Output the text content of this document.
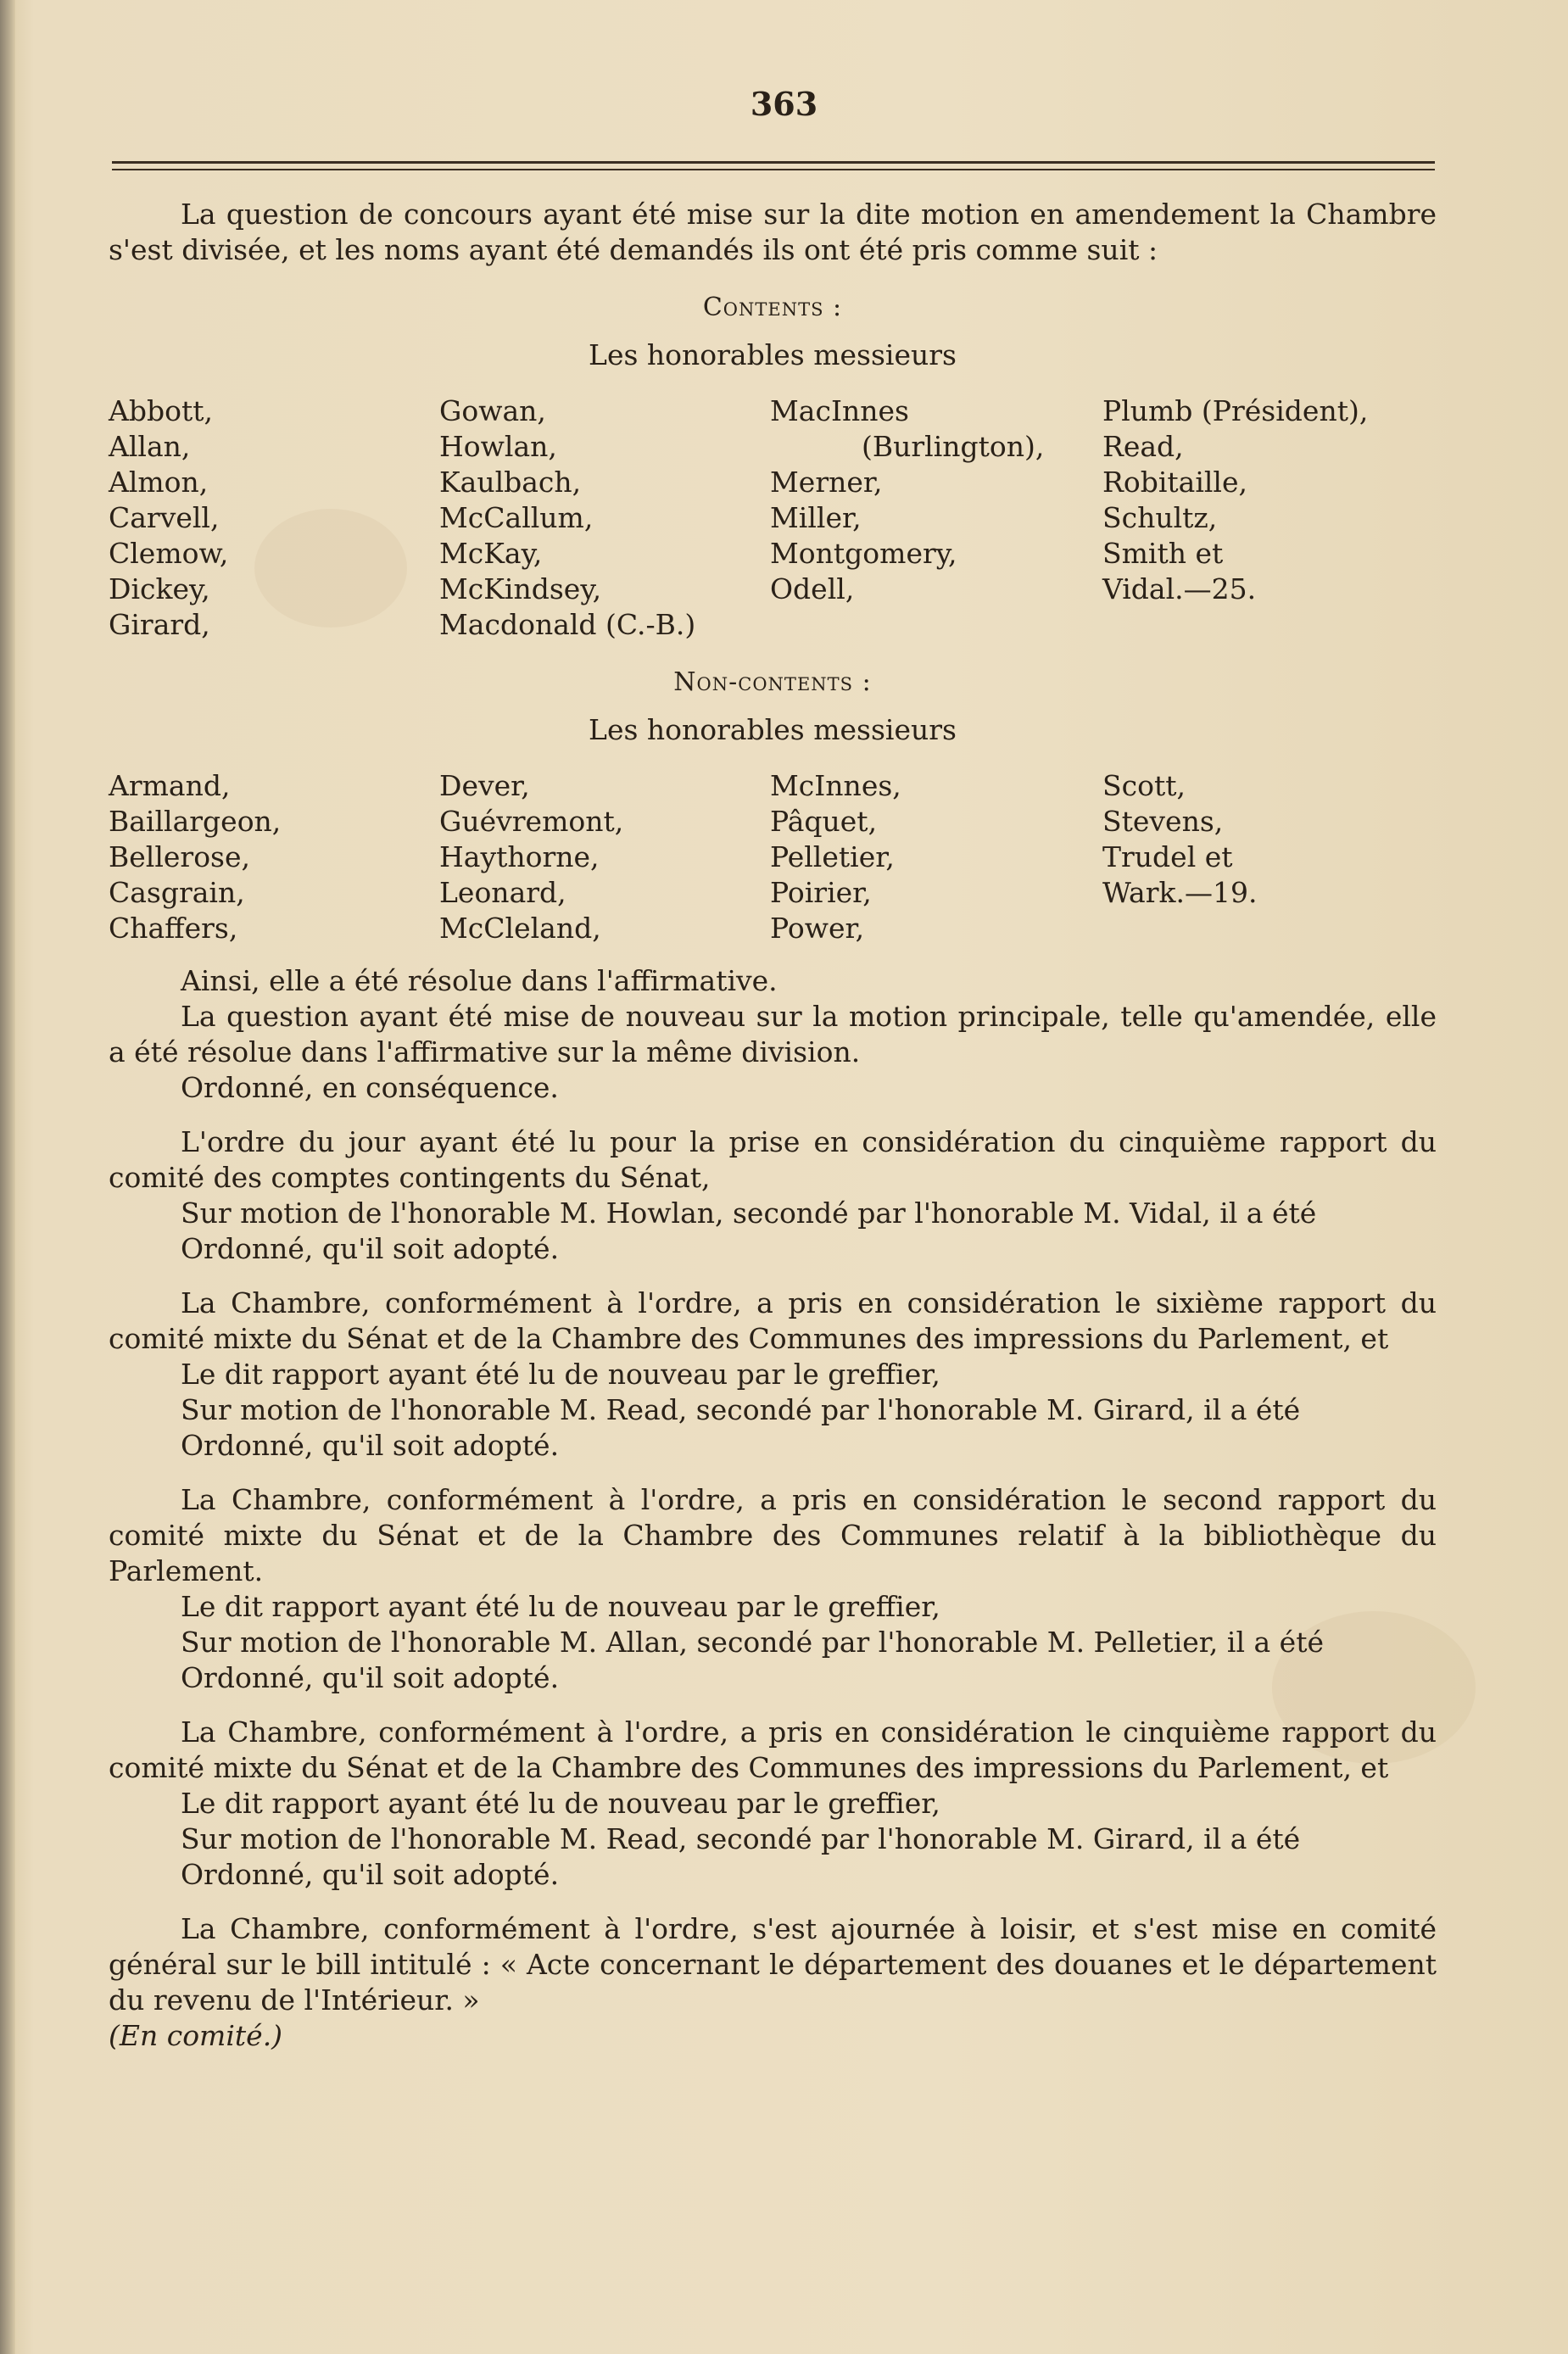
363

La question de concours ayant été mise sur la dite motion en amendement la Chambre s'est divisée, et les noms ayant été demandés ils ont été pris comme suit :

Contents :
Les honorables messieurs
Abbott,
Allan,
Almon,
Carvell,
Clemow,
Dickey,
Girard,
Gowan,
Howlan,
Kaulbach,
McCallum,
McKay,
McKindsey,
Macdonald (C.-B.)
MacInnes
(Burlington),
Merner,
Miller,
Montgomery,
Odell,
Plumb (Président),
Read,
Robitaille,
Schultz,
Smith et
Vidal.—25.
Non-contents :
Les honorables messieurs
Armand,
Baillargeon,
Bellerose,
Casgrain,
Chaffers,
Dever,
Guévremont,
Haythorne,
Leonard,
McCleland,
McInnes,
Pâquet,
Pelletier,
Poirier,
Power,
Scott,
Stevens,
Trudel et
Wark.—19.

Ainsi, elle a été résolue dans l'affirmative.

La question ayant été mise de nouveau sur la motion principale, telle qu'amendée, elle a été résolue dans l'affirmative sur la même division.

Ordonné, en conséquence.

L'ordre du jour ayant été lu pour la prise en considération du cinquième rapport du comité des comptes contingents du Sénat,

Sur motion de l'honorable M. Howlan, secondé par l'honorable M. Vidal, il a été

Ordonné, qu'il soit adopté.

La Chambre, conformément à l'ordre, a pris en considération le sixième rapport du comité mixte du Sénat et de la Chambre des Communes des impressions du Parlement, et

Le dit rapport ayant été lu de nouveau par le greffier,

Sur motion de l'honorable M. Read, secondé par l'honorable M. Girard, il a été

Ordonné, qu'il soit adopté.

La Chambre, conformément à l'ordre, a pris en considération le second rapport du comité mixte du Sénat et de la Chambre des Communes relatif à la bibliothèque du Parlement.

Le dit rapport ayant été lu de nouveau par le greffier,

Sur motion de l'honorable M. Allan, secondé par l'honorable M. Pelletier, il a été

Ordonné, qu'il soit adopté.

La Chambre, conformément à l'ordre, a pris en considération le cinquième rapport du comité mixte du Sénat et de la Chambre des Communes des impressions du Parlement, et

Le dit rapport ayant été lu de nouveau par le greffier,

Sur motion de l'honorable M. Read, secondé par l'honorable M. Girard, il a été

Ordonné, qu'il soit adopté.

La Chambre, conformément à l'ordre, s'est ajournée à loisir, et s'est mise en comité général sur le bill intitulé : « Acte concernant le département des douanes et le département du revenu de l'Intérieur. »

(En comité.)
